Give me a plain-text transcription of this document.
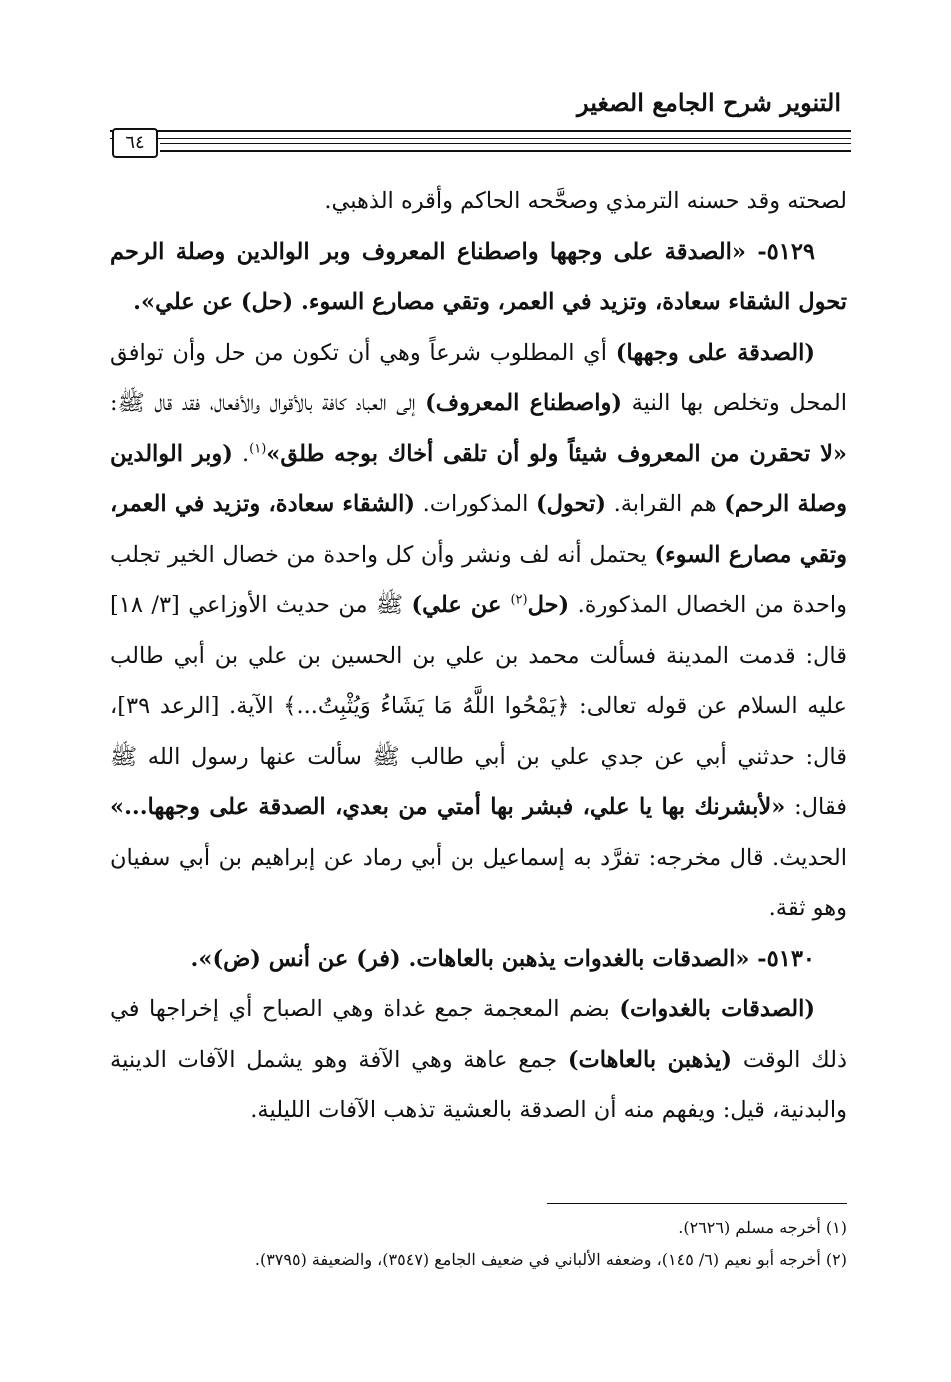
التنوير شرح الجامع الصغير
٦٤

لصحته وقد حسنه الترمذي وصحَّحه الحاكم وأقره الذهبي.

٥١٢٩- «الصدقة على وجهها واصطناع المعروف وبر الوالدين وصلة الرحم تحول الشقاء سعادة، وتزيد في العمر، وتقي مصارع السوء. (حل) عن علي».

(الصدقة على وجهها) أي المطلوب شرعاً وهي أن تكون من حل وأن توافق المحل وتخلص بها النية (واصطناع المعروف) إلى العباد كافة بالأقوال والأفعال، فقد قال ﷺ: «لا تحقرن من المعروف شيئاً ولو أن تلقى أخاك بوجه طلق»$^{(١)}$. (وبر الوالدين وصلة الرحم) هم القرابة. (تحول) المذكورات. (الشقاء سعادة، وتزيد في العمر، وتقي مصارع السوء) يحتمل أنه لف ونشر وأن كل واحدة من خصال الخير تجلب واحدة من الخصال المذكورة. (حل$^{(٢)}$ عن علي) ﷺ من حديث الأوزاعي [٣/ ١٨] قال: قدمت المدينة فسألت محمد بن علي بن الحسين بن علي بن أبي طالب عليه السلام عن قوله تعالى: ﴿يَمْحُوا اللَّهُ مَا يَشَاءُ وَيُثْبِتُ...﴾ الآية. [الرعد ٣٩]، قال: حدثني أبي عن جدي علي بن أبي طالب ﷺ سألت عنها رسول الله ﷺ فقال: «لأبشرنك بها يا علي، فبشر بها أمتي من بعدي، الصدقة على وجهها...» الحديث. قال مخرجه: تفرَّد به إسماعيل بن أبي رماد عن إبراهيم بن أبي سفيان وهو ثقة.

٥١٣٠- «الصدقات بالغدوات يذهبن بالعاهات. (فر) عن أنس (ض)».

(الصدقات بالغدوات) بضم المعجمة جمع غداة وهي الصباح أي إخراجها في ذلك الوقت (يذهبن بالعاهات) جمع عاهة وهي الآفة وهو يشمل الآفات الدينية والبدنية، قيل: ويفهم منه أن الصدقة بالعشية تذهب الآفات الليلية.

(١) أخرجه مسلم (٢٦٢٦).

(٢) أخرجه أبو نعيم (٦/ ١٤٥)، وضعفه الألباني في ضعيف الجامع (٣٥٤٧)، والضعيفة (٣٧٩٥).
